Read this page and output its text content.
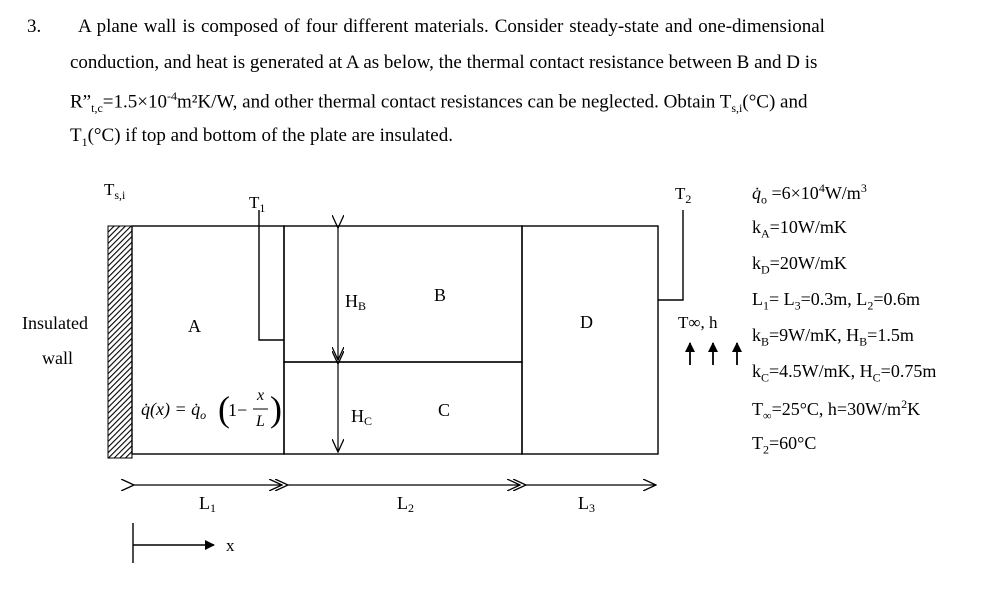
3. A plane wall is composed of four different materials. Consider steady-state and one-dimensional
conduction, and heat is generated at A as below, the thermal contact resistance between B and D is
$R”_{t,c}=1.5\times 10^{-4}m^2K/W$, and other thermal contact resistances can be neglected. Obtain $T_{s,i}(^\circ C)$ and
$T_1(^\circ C)$ if top and bottom of the plate are insulated.
$T_{s,i}$	$T_1$
$T_2$
Insulated
wall
A
B
C
D
HB
HC
T∞, h
L1	L2	L3
x
q̇(x) = $q̇_o$ (
1−
x
L )
$q̇_o =6\times 10^4W/m^3$
$k_A=10W/mK$
$k_D=20W/mK$
$L_1= L_3=0.3m$, $L_2=0.6m$
$k_B=9W/mK$, $H_B=1.5m$
$k_C=4.5W/mK$, $H_C=0.75m$
$T_\infty=25^\circ C$, $h=30W/m^2K$
$T_2=60^\circ C$
